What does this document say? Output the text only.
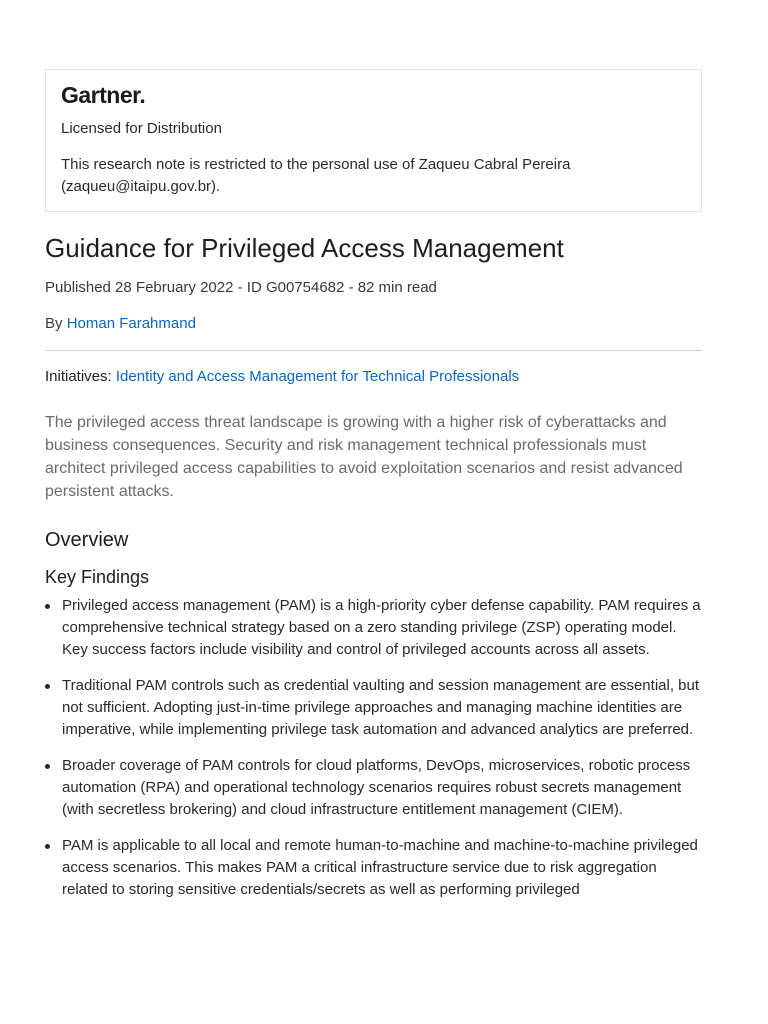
Gartner.
Licensed for Distribution
This research note is restricted to the personal use of Zaqueu Cabral Pereira (zaqueu@itaipu.gov.br).
Guidance for Privileged Access Management
Published 28 February 2022 - ID G00754682 - 82 min read
By Homan Farahmand
Initiatives: Identity and Access Management for Technical Professionals
The privileged access threat landscape is growing with a higher risk of cyberattacks and business consequences. Security and risk management technical professionals must architect privileged access capabilities to avoid exploitation scenarios and resist advanced persistent attacks.
Overview
Key Findings
Privileged access management (PAM) is a high-priority cyber defense capability. PAM requires a comprehensive technical strategy based on a zero standing privilege (ZSP) operating model. Key success factors include visibility and control of privileged accounts across all assets.
Traditional PAM controls such as credential vaulting and session management are essential, but not sufficient. Adopting just-in-time privilege approaches and managing machine identities are imperative, while implementing privilege task automation and advanced analytics are preferred.
Broader coverage of PAM controls for cloud platforms, DevOps, microservices, robotic process automation (RPA) and operational technology scenarios requires robust secrets management (with secretless brokering) and cloud infrastructure entitlement management (CIEM).
PAM is applicable to all local and remote human-to-machine and machine-to-machine privileged access scenarios. This makes PAM a critical infrastructure service due to risk aggregation related to storing sensitive credentials/secrets as well as performing privileged
